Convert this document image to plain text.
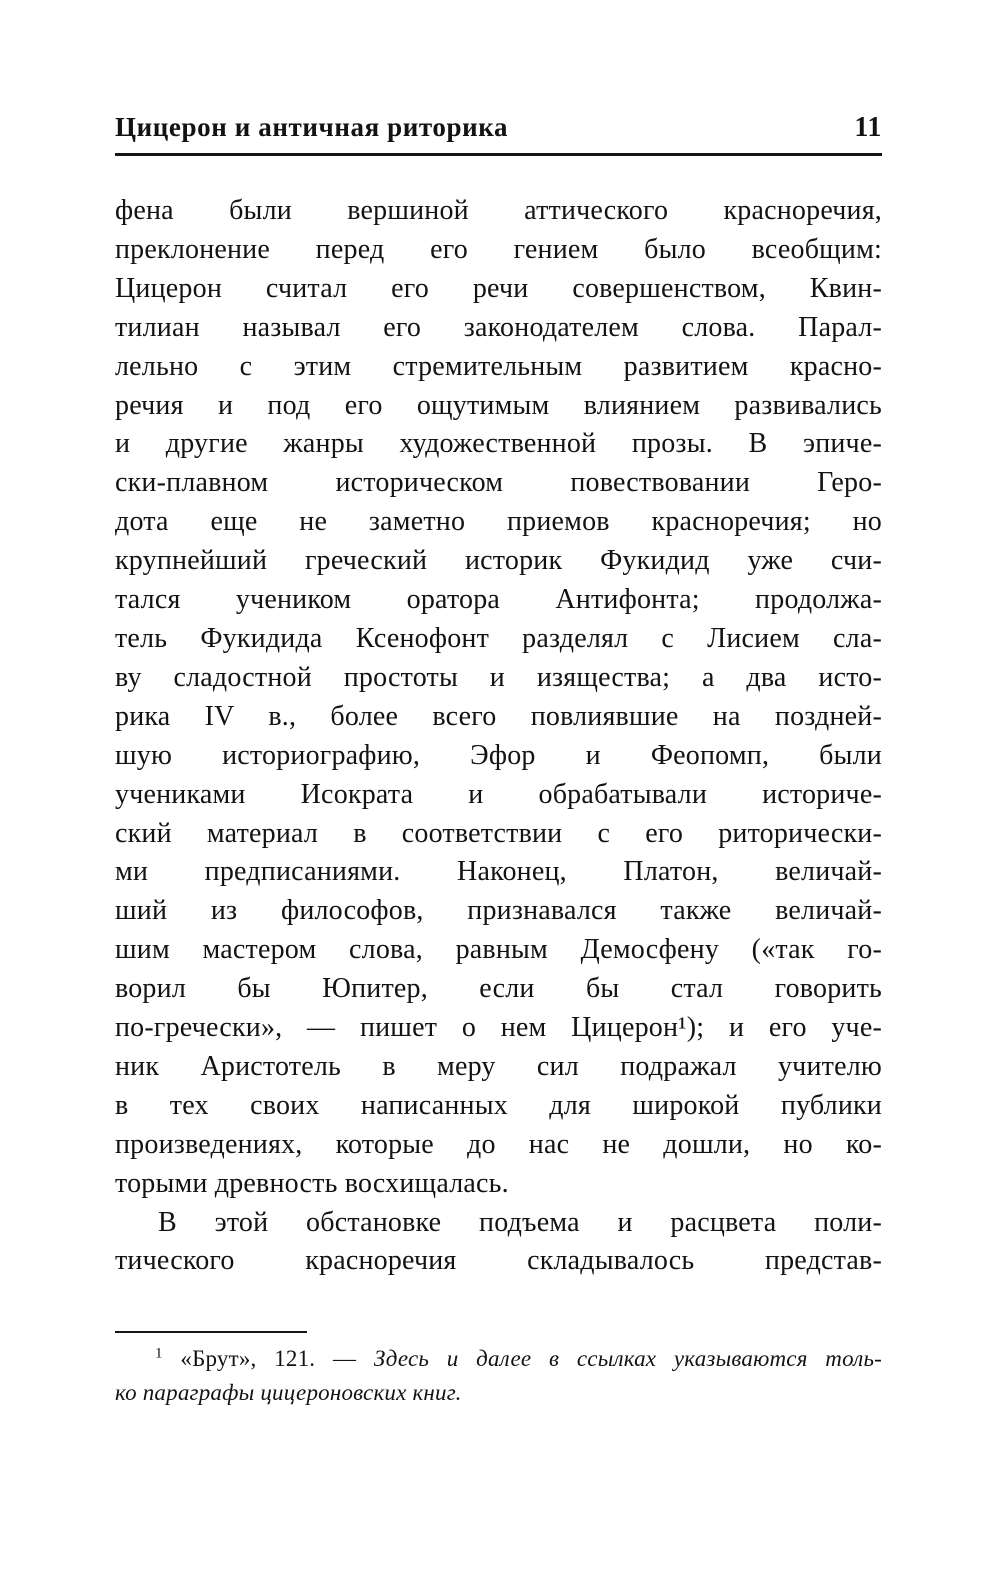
Цицерон и античная риторика	11
фена были вершиной аттического красноречия,
преклонение перед его гением было всеобщим:
Цицерон считал его речи совершенством, Квин-
тилиан называл его законодателем слова. Парал-
лельно с этим стремительным развитием красно-
речия и под его ощутимым влиянием развивались
и другие жанры художественной прозы. В эпиче-
ски-плавном историческом повествовании Геро-
дота еще не заметно приемов красноречия; но
крупнейший греческий историк Фукидид уже счи-
тался учеником оратора Антифонта; продолжа-
тель Фукидида Ксенофонт разделял с Лисием сла-
ву сладостной простоты и изящества; а два исто-
рика IV в., более всего повлиявшие на поздней-
шую историографию, Эфор и Феопомп, были
учениками Исократа и обрабатывали историче-
ский материал в соответствии с его риторически-
ми предписаниями. Наконец, Платон, величай-
ший из философов, признавался также величай-
шим мастером слова, равным Демосфену («так го-
ворил бы Юпитер, если бы стал говорить
по-гречески», — пишет о нем Цицерон¹); и его уче-
ник Аристотель в меру сил подражал учителю
в тех своих написанных для широкой публики
произведениях, которые до нас не дошли, но ко-
торыми древность восхищалась.
В этой обстановке подъема и расцвета поли-
тического красноречия складывалось представ-

$^1$ «Брут», 121. — Здесь и далее в ссылках указываются толь-

ко параграфы цицероновских книг.
